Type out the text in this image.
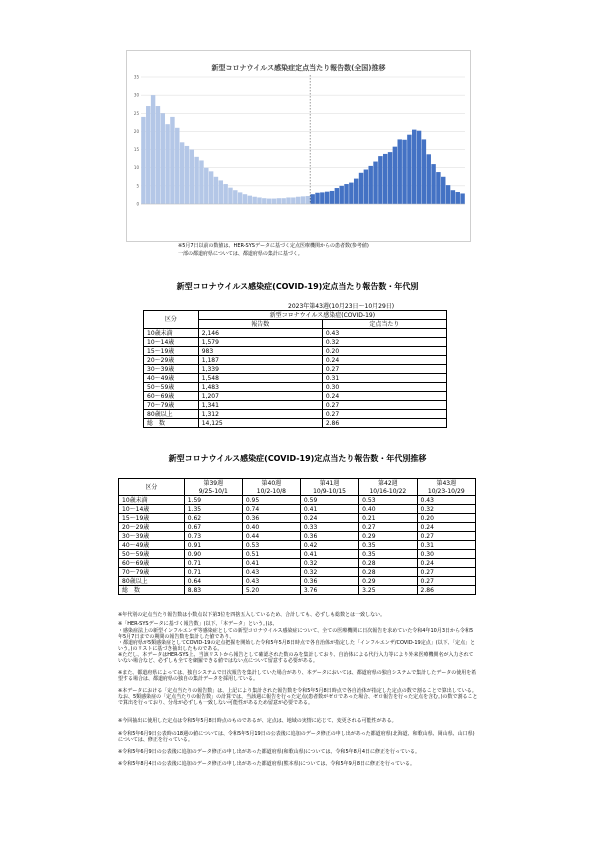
新型コロナウイルス感染症定点当たり報告数(全国)推移
0
5
10
15
20
25
30
35
※5月7日以前の数値は、HER-SYSデータに基づく定点医療機関からの患者数(参考値)
一部の都道府県については、都道府県の集計に基づく。
新型コロナウイルス感染症(COVID-19)定点当たり報告数・年代別
2023年第43週(10月23日～10月29日)
区分	新型コロナウイルス感染症(COVID-19)	
	報告数	定点当たり
10歳未満	2,146	0.43
10～14歳	1,579	0.32
15～19歳	983	0.20
20～29歳	1,187	0.24
30～39歳	1,339	0.27
40～49歳	1,548	0.31
50～59歳	1,483	0.30
60～69歳	1,207	0.24
70～79歳	1,341	0.27
80歳以上	1,312	0.27
総　数	14,125	2.86
新型コロナウイルス感染症(COVID-19)定点当たり報告数・年代別推移
区分	第39週	第40週	第41週	第42週	第43週
	9/25-10/1	10/2-10/8	10/9-10/15	10/16-10/22	10/23-10/29
10歳未満	1.59	0.95	0.59	0.53	0.43
10～14歳	1.35	0.74	0.41	0.40	0.32
15～19歳	0.62	0.36	0.24	0.21	0.20
20～29歳	0.67	0.40	0.33	0.27	0.24
30～39歳	0.73	0.44	0.36	0.29	0.27
40～49歳	0.91	0.53	0.42	0.35	0.31
50～59歳	0.90	0.51	0.41	0.35	0.30
60～69歳	0.71	0.41	0.32	0.28	0.24
70～79歳	0.71	0.43	0.32	0.28	0.27
80歳以上	0.64	0.43	0.36	0.29	0.27
総　数	8.83	5.20	3.76	3.25	2.86
※年代別の定点当たり報告数は小数点以下第3位を四捨五入しているため、合計しても、必ずしも総数とは一致しない。
※「HER-SYSデータに基づく報告数」(以下、「本データ」という。)は、
・感染症法上の新型インフルエンザ等感染症としての新型コロナウイルス感染症について、全ての医療機関に日次報告を求めていた令和4年10月3日から令和5年5月7日までの期間の報告数を集計した値であり、
・都道府県が5類感染症としてCOVID-19の定点把握を開始した令和5年5月8日時点で各自治体が指定した「インフルエンザ/COVID-19定点」(以下、「定点」という。)のリストに基づき抽出したものである。
※ただし、本データはHER-SYS上、当該リストから報告として確認された数のみを集計しており、自治体による代行入力等により外来医療機関名が入力されていない場合など、必ずしも全てを網羅できる値ではない点について留意する必要がある。
※また、都道府県によっては、独自システムで日次報告を集計していた場合があり、本データにおいては、都道府県の独自システムで集計したデータの使用を希望する場合は、都道府県の独自の集計データを採用している。
※本データにおける「定点当たりの報告数」は、上記により集計された報告数を令和5年5月8日時点で各自治体が指定した定点の数で割ることで算出している。なお、5類感染症の「定点当たりの報告数」の計算では、当該週に報告を行った定点(患者数がゼロであった場合、ゼロ報告を行った定点を含む。)の数で割ることで算出を行っており、分母が必ずしも一致しない可能性があるため留意が必要である。
※今回抽出に使用した定点は令和5年5月8日時点のものであるが、定点は、地域の実情に応じて、変更される可能性がある。
※令和5年6月9日公表時の18週の値については、令和5年5月19日の公表後に追加のデータ修正の申し出があった都道府県(北海道、和歌山県、岡山県、山口県)については、修正を行っている。
※令和5年6月9日の公表後に追加のデータ修正の申し出があった都道府県(和歌山県)については、令和5年8月4日に修正を行っている。
※令和5年8月4日の公表後に追加のデータ修正の申し出があった都道府県(熊本県)については、令和5年9月8日に修正を行っている。
